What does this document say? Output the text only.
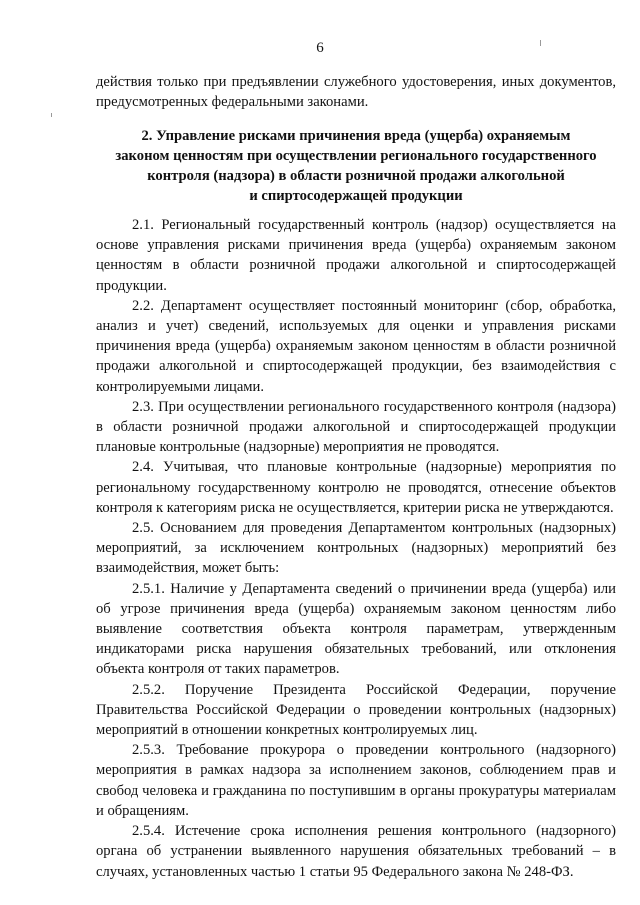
6

действия только при предъявлении служебного удостоверения, иных документов, предусмотренных федеральными законами.

2. Управление рисками причинения вреда (ущерба) охраняемым
законом ценностям при осуществлении регионального государственного
контроля (надзора) в области розничной продажи алкогольной
и спиртосодержащей продукции

2.1. Региональный государственный контроль (надзор) осуществляется на основе управления рисками причинения вреда (ущерба) охраняемым законом ценностям в области розничной продажи алкогольной и спиртосодержащей продукции.

2.2. Департамент осуществляет постоянный мониторинг (сбор, обработка, анализ и учет) сведений, используемых для оценки и управления рисками причинения вреда (ущерба) охраняемым законом ценностям в области розничной продажи алкогольной и спиртосодержащей продукции, без взаимодействия с контролируемыми лицами.

2.3. При осуществлении регионального государственного контроля (надзора) в области розничной продажи алкогольной и спиртосодержащей продукции плановые контрольные (надзорные) мероприятия не проводятся.

2.4. Учитывая, что плановые контрольные (надзорные) мероприятия по региональному государственному контролю не проводятся, отнесение объектов контроля к категориям риска не осуществляется, критерии риска не утверждаются.

2.5. Основанием для проведения Департаментом контрольных (надзорных) мероприятий, за исключением контрольных (надзорных) мероприятий без взаимодействия, может быть:

2.5.1. Наличие у Департамента сведений о причинении вреда (ущерба) или об угрозе причинения вреда (ущерба) охраняемым законом ценностям либо выявление соответствия объекта контроля параметрам, утвержденным индикаторами риска нарушения обязательных требований, или отклонения объекта контроля от таких параметров.

2.5.2. Поручение Президента Российской Федерации, поручение Правительства Российской Федерации о проведении контрольных (надзорных) мероприятий в отношении конкретных контролируемых лиц.

2.5.3. Требование прокурора о проведении контрольного (надзорного) мероприятия в рамках надзора за исполнением законов, соблюдением прав и свобод человека и гражданина по поступившим в органы прокуратуры материалам и обращениям.

2.5.4. Истечение срока исполнения решения контрольного (надзорного) органа об устранении выявленного нарушения обязательных требований – в случаях, установленных частью 1 статьи 95 Федерального закона № 248-ФЗ.
